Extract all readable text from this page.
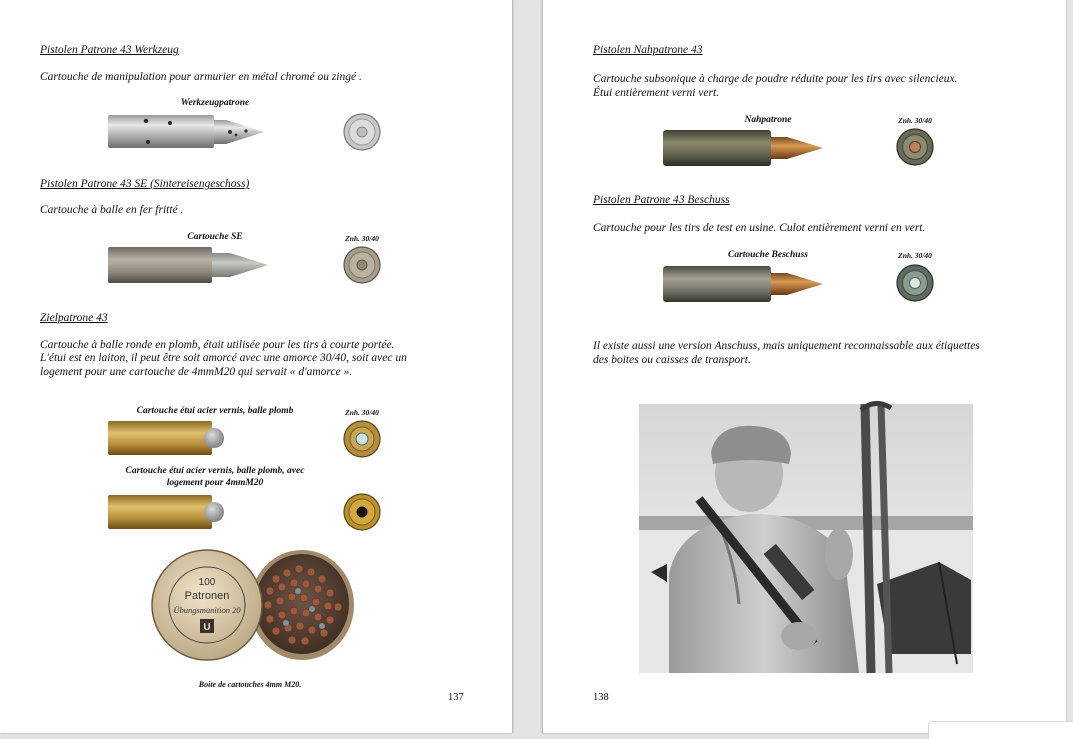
Pistolen Patrone 43 Werkzeug
Cartouche de manipulation pour armurier en métal chromé ou zingé .
Werkzeugpatrone
Pistolen Patrone 43 SE (Sintereisengeschoss)
Cartouche à balle en fer fritté .
Cartouche SE	Znh. 30/40
Zielpatrone 43
Cartouche à balle ronde en plomb, était utilisée pour les tirs à courte portée.
L'étui est en laiton, il peut être soit amorcé avec une amorce 30/40, soit avec un
logement pour une cartouche de 4mmM20 qui servait « d'amorce ».
Cartouche étui acier vernis, balle plomb	Znh. 30/40
Cartouche étui acier vernis, balle plomb, avec
logement pour 4mmM20
100
Patronen
Übungsmunition 20
U
Boite de cartouches 4mm M20.
137
Pistolen Nahpatrone 43
Cartouche subsonique à charge de poudre réduite pour les tirs avec silencieux.
Étui entièrement verni vert.
Nahpatrone	Znh. 30/40
Pistolen Patrone 43 Beschuss
Cartouche pour les tirs de test en usine. Culot entièrement verni en vert.
Cartouche Beschuss	Znh. 30/40
Il existe aussi une version Anschuss, mais uniquement reconnaissable aux étiquettes
des boites ou caisses de transport.
138
